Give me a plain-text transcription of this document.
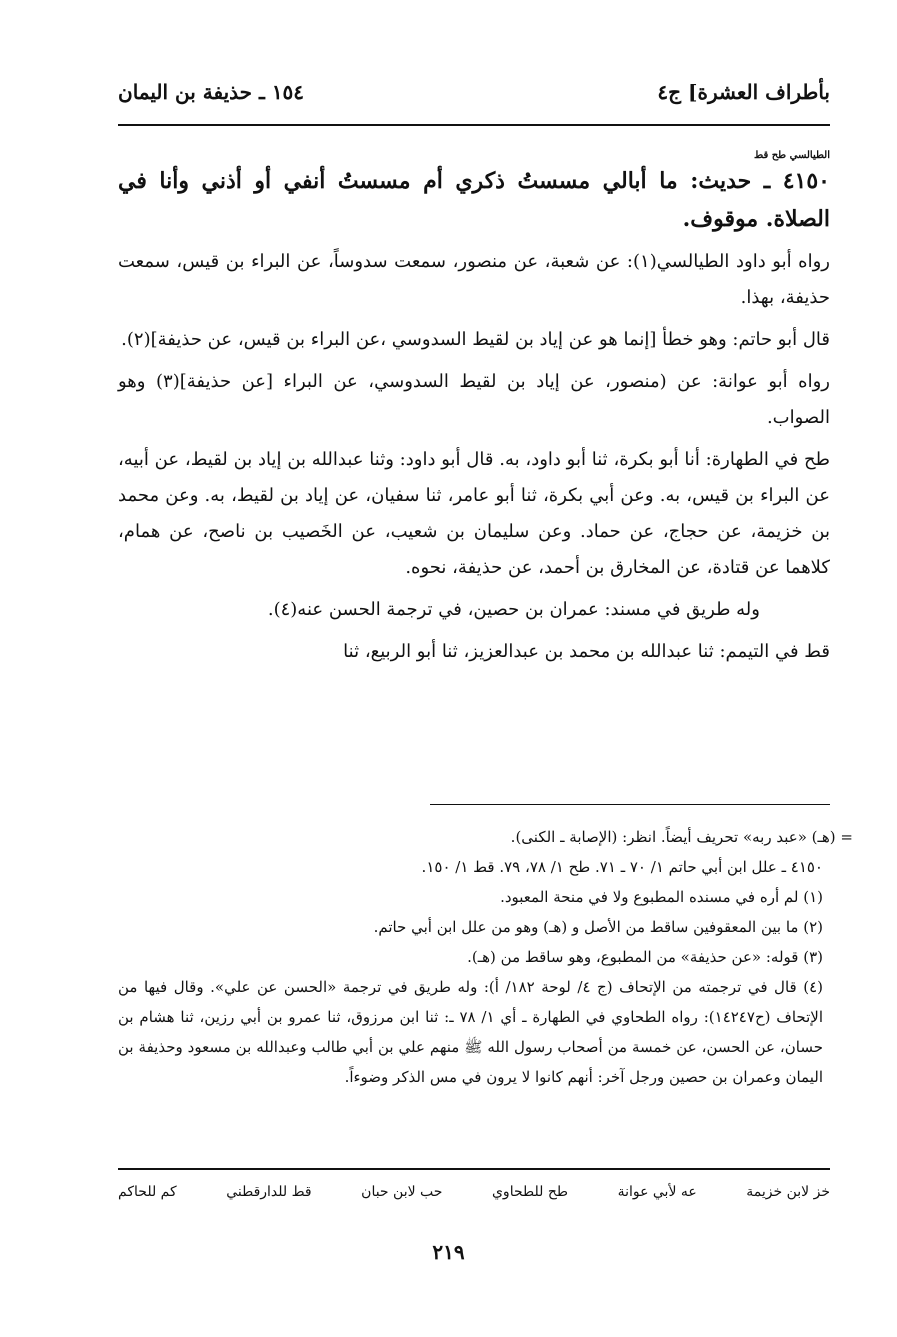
بأطراف العشرة] ج٤
١٥٤ ـ حذيفة بن اليمان

الطيالسي طح قط
٤١٥٠ ـ حديث: ما أبالي مسستُ ذكري أم مسستُ أنفي أو أذني وأنا في الصلاة. موقوف.

رواه أبو داود الطيالسي(١): عن شعبة، عن منصور، سمعت سدوساً، عن البراء بن قيس، سمعت حذيفة، بهذا.

قال أبو حاتم: وهو خطأ [إنما هو عن إياد بن لقيط السدوسي ،عن البراء بن قيس، عن حذيفة](٢).

رواه أبو عوانة: عن (منصور، عن إياد بن لقيط السدوسي، عن البراء [عن حذيفة](٣) وهو الصواب.

طح في الطهارة: أنا أبو بكرة، ثنا أبو داود، به. قال أبو داود: وثنا عبدالله بن إياد بن لقيط، عن أبيه، عن البراء بن قيس، به. وعن أبي بكرة، ثنا أبو عامر، ثنا سفيان، عن إياد بن لقيط، به. وعن محمد بن خزيمة، عن حجاج، عن حماد. وعن سليمان بن شعيب، عن الخَصيب بن ناصح، عن همام، كلاهما عن قتادة، عن المخارق بن أحمد، عن حذيفة، نحوه.

وله طريق في مسند: عمران بن حصين، في ترجمة الحسن عنه(٤).

قط في التيمم: ثنا عبدالله بن محمد بن عبدالعزيز، ثنا أبو الربيع، ثنا

= (هـ) «عبد ربه» تحريف أيضاً. انظر: (الإصابة ـ الكنى).

٤١٥٠ ـ علل ابن أبي حاتم ١/ ٧٠ ـ ٧١. طح ١/ ٧٨، ٧٩. قط ١/ ١٥٠.

(١) لم أره في مسنده المطبوع ولا في منحة المعبود.

(٢) ما بين المعقوفين ساقط من الأصل و (هـ) وهو من علل ابن أبي حاتم.

(٣) قوله: «عن حذيفة» من المطبوع، وهو ساقط من (هـ).

(٤) قال في ترجمته من الإتحاف (ج ٤/ لوحة ١٨٢/ أ): وله طريق في ترجمة «الحسن عن علي». وقال فيها من الإتحاف (ح١٤٢٤٧): رواه الطحاوي في الطهارة ـ أي ١/ ٧٨ ـ: ثنا ابن مرزوق، ثنا عمرو بن أبي رزين، ثنا هشام بن حسان، عن الحسن، عن خمسة من أصحاب رسول الله ﷺ منهم علي بن أبي طالب وعبدالله بن مسعود وحذيفة بن اليمان وعمران بن حصين ورجل آخر: أنهم كانوا لا يرون في مس الذكر وضوءاً.

خز لابن خزيمة
عه لأبي عوانة
طح للطحاوي
حب لابن حبان
قط للدارقطني
كم للحاكم
٢١٩
